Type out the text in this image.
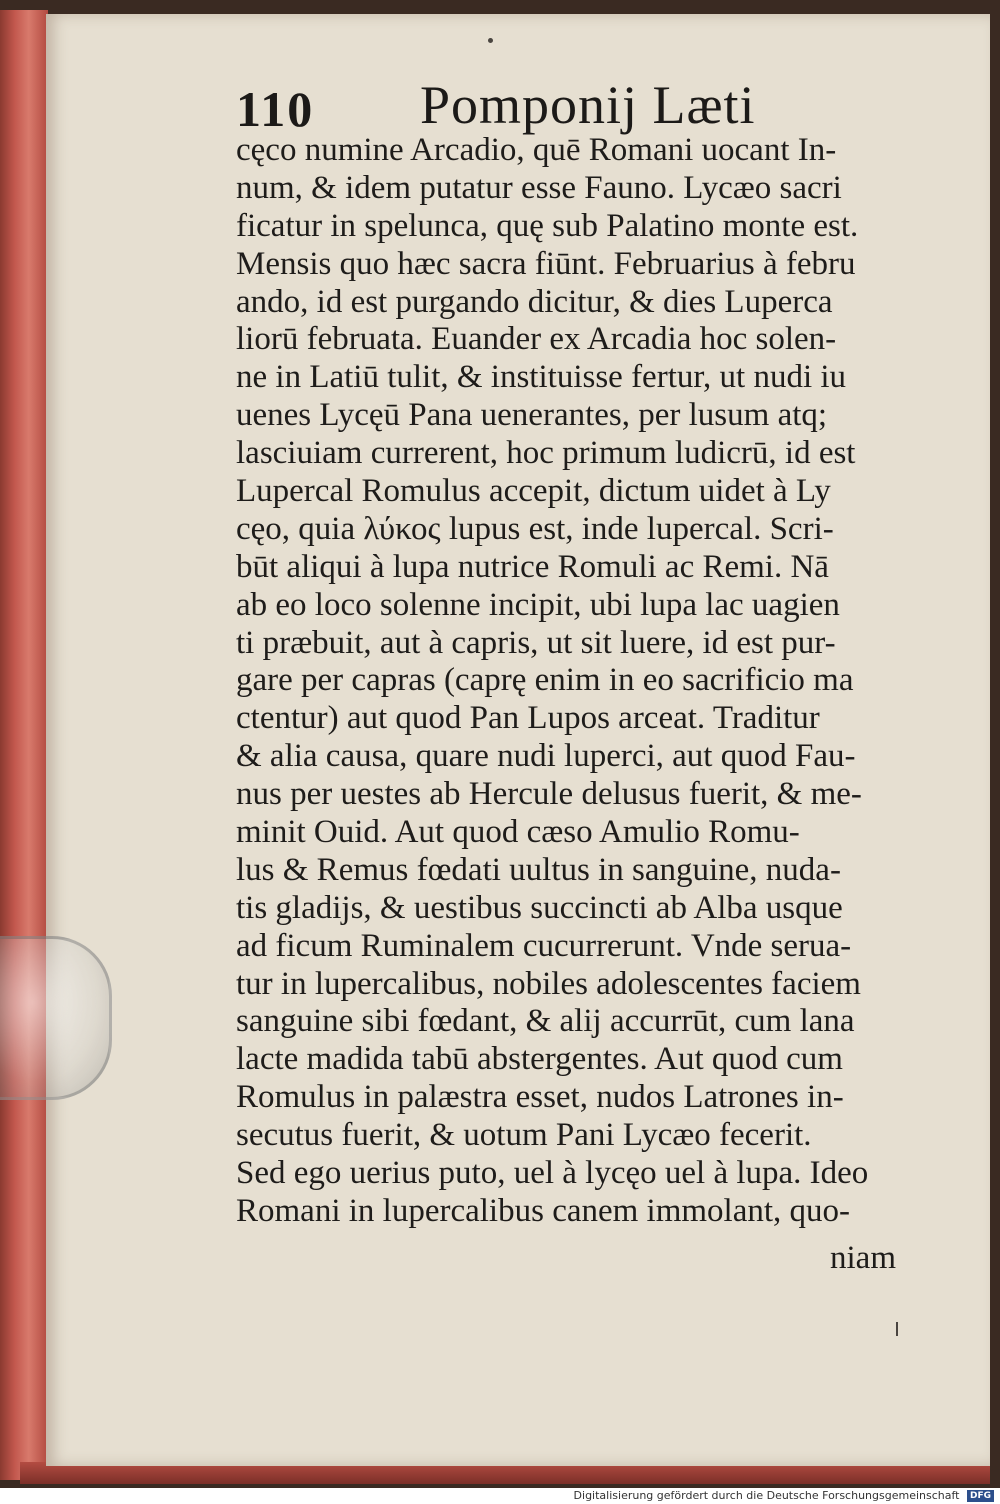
110 Pomponij Læti
cęco numine Arcadio, quē Romani uocant In-
num, & idem putatur esse Fauno. Lycæo sacri
ficatur in spelunca, quę sub Palatino monte est.
Mensis quo hæc sacra fiūnt. Februarius à febru
ando, id est purgando dicitur, & dies Luperca
liorū februata. Euander ex Arcadia hoc solen-
ne in Latiū tulit, & instituisse fertur, ut nudi iu
uenes Lycęū Pana uenerantes, per lusum atq;
lasciuiam currerent, hoc primum ludicrū, id est
Lupercal Romulus accepit, dictum uidet à Ly
cęo, quia λύκος lupus est, inde lupercal. Scri-
būt aliqui à lupa nutrice Romuli ac Remi. Nā
ab eo loco solenne incipit, ubi lupa lac uagien
ti præbuit, aut à capris, ut sit luere, id est pur-
gare per capras (caprę enim in eo sacrificio ma
ctentur) aut quod Pan Lupos arceat. Traditur
& alia causa, quare nudi luperci, aut quod Fau-
nus per uestes ab Hercule delusus fuerit, & me-
minit Ouid. Aut quod cæso Amulio Romu-
lus & Remus fœdati uultus in sanguine, nuda-
tis gladijs, & uestibus succincti ab Alba usque
ad ficum Ruminalem cucurrerunt. Vnde serua-
tur in lupercalibus, nobiles adolescentes faciem
sanguine sibi fœdant, & alij accurrūt, cum lana
lacte madida tabū abstergentes. Aut quod cum
Romulus in palæstra esset, nudos Latrones in-
secutus fuerit, & uotum Pani Lycæo fecerit.
Sed ego uerius puto, uel à lycęo uel à lupa. Ideo
Romani in lupercalibus canem immolant, quo-
niam
Digitalisierung gefördert durch die Deutsche Forschungsgemeinschaft DFG
